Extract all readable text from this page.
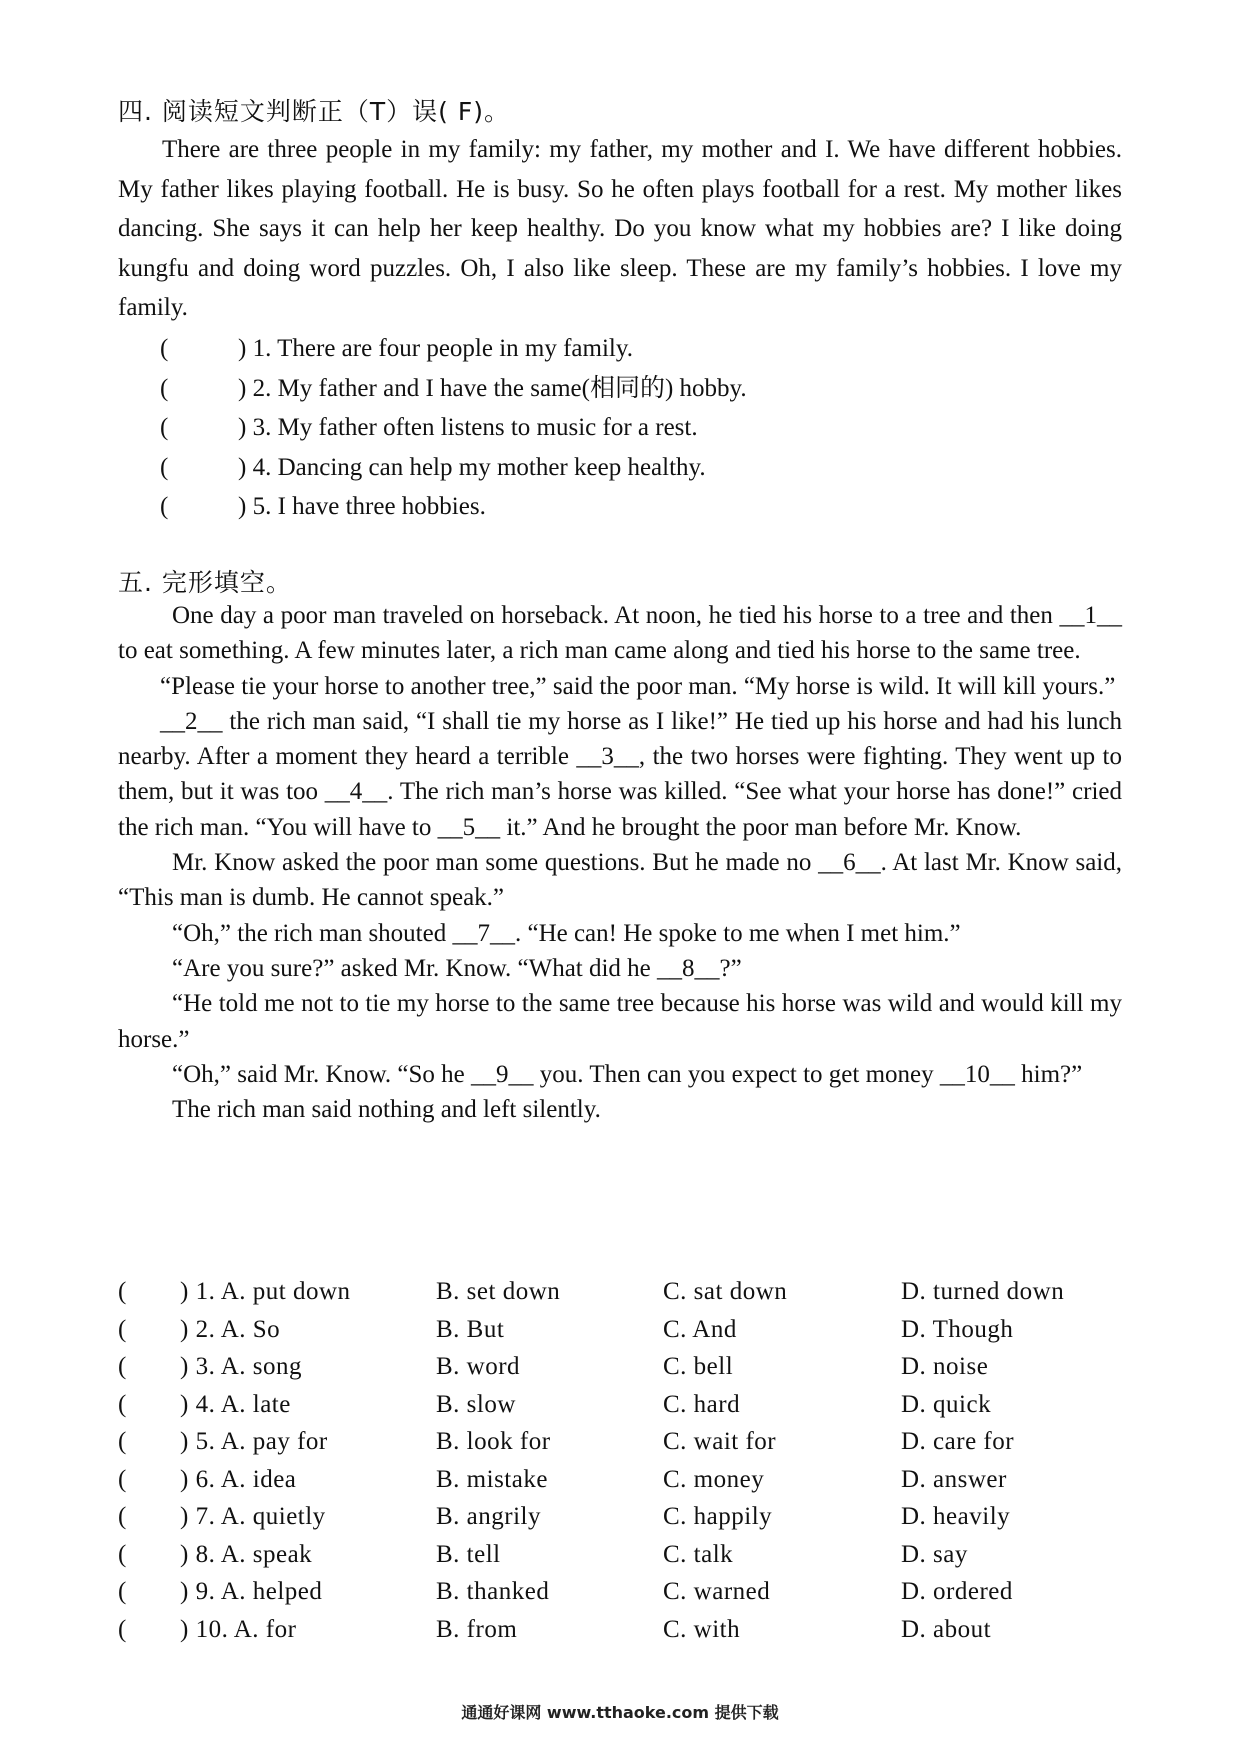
四. 阅读短文判断正（T）误( F)。

There are three people in my family: my father, my mother and I. We have different hobbies. My father likes playing football. He is busy. So he often plays football for a rest. My mother likes dancing. She says it can help her keep healthy. Do you know what my hobbies are? I like doing kungfu and doing word puzzles. Oh, I also like sleep. These are my family’s hobbies. I love my family.

(	) 1. There are four people in my family.
(	) 2. My father and I have the same(相同的) hobby.
(	) 3. My father often listens to music for a rest.
(	) 4. Dancing can help my mother keep healthy.
(	) 5. I have three hobbies.
五. 完形填空。

One day a poor man traveled on horseback. At noon, he tied his horse to a tree and then __1__ to eat something. A few minutes later, a rich man came along and tied his horse to the same tree.

“Please tie your horse to another tree,” said the poor man. “My horse is wild. It will kill yours.”

__2__ the rich man said, “I shall tie my horse as I like!” He tied up his horse and had his lunch nearby. After a moment they heard a terrible __3__, the two horses were fighting. They went up to them, but it was too __4__. The rich man’s horse was killed. “See what your horse has done!” cried the rich man. “You will have to __5__ it.” And he brought the poor man before Mr. Know.

Mr. Know asked the poor man some questions. But he made no __6__. At last Mr. Know said, “This man is dumb. He cannot speak.”

“Oh,” the rich man shouted __7__. “He can! He spoke to me when I met him.”

“Are you sure?” asked Mr. Know. “What did he __8__?”

“He told me not to tie my horse to the same tree because his horse was wild and would kill my horse.”

“Oh,” said Mr. Know. “So he __9__ you. Then can you expect to get money __10__ him?”

The rich man said nothing and left silently.

( ) 1. A. put down	B. set down	C. sat down	D. turned down
( ) 2. A. So	B. But	C. And	D. Though
( ) 3. A. song	B. word	C. bell	D. noise
( ) 4. A. late	B. slow	C. hard	D. quick
( ) 5. A. pay for	B. look for	C. wait for	D. care for
( ) 6. A. idea	B. mistake	C. money	D. answer
( ) 7. A. quietly	B. angrily	C. happily	D. heavily
( ) 8. A. speak	B. tell	C. talk	D. say
( ) 9. A. helped	B. thanked	C. warned	D. ordered
( ) 10. A. for	B. from	C. with	D. about
通通好课网 www.tthaoke.com 提供下载
